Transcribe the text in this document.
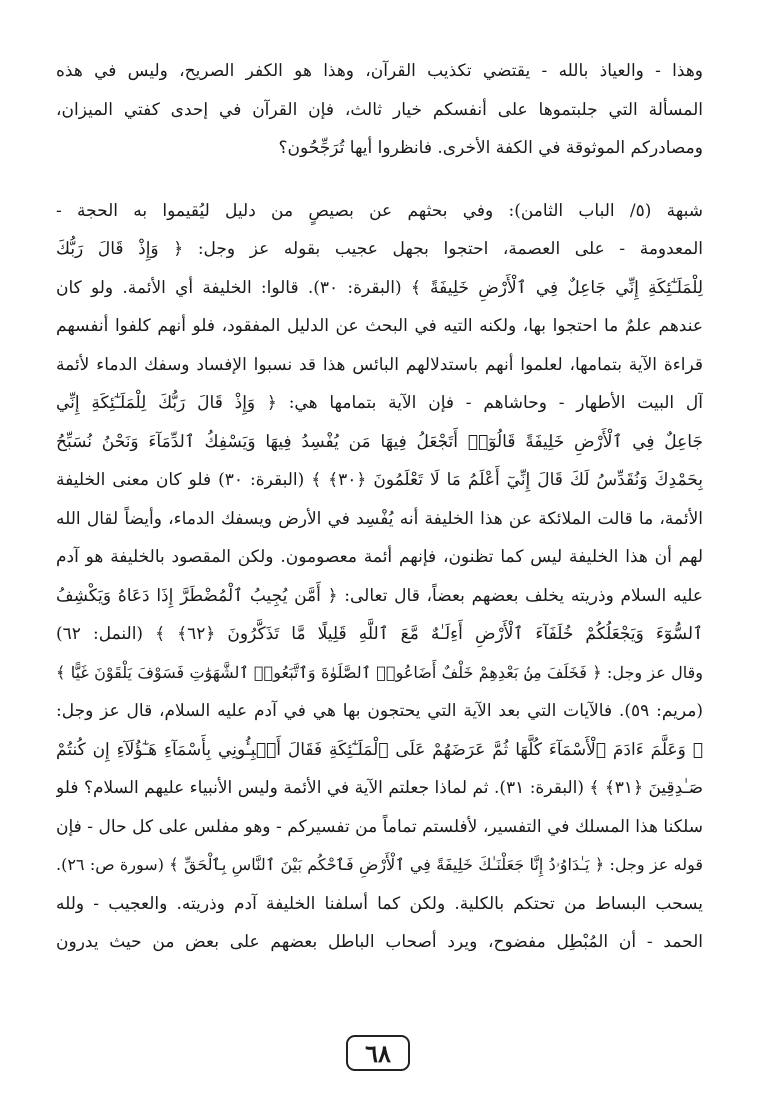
وهذا - والعياذ بالله - يقتضي تكذيب القرآن، وهذا هو الكفر الصريح، وليس في هذه
المسألة التي جلبتموها على أنفسكم خيار ثالث، فإن القرآن في إحدى كفتي الميزان،
ومصادركم الموثوقة في الكفة الأخرى. فانظروا أيها تُرَجِّحُون؟
شبهة (٥/ الباب الثامن): وفي بحثهم عن بصيصٍ من دليل ليُقيموا به الحجة -
المعدومة - على العصمة، احتجوا بجهل عجيب بقوله عز وجل: ﴿ وَإِذْ قَالَ رَبُّكَ
لِلْمَلَـٰٓئِكَةِ إِنِّي جَاعِلٌ فِي ٱلْأَرْضِ خَلِيفَةً ﴾ (البقرة: ٣٠). قالوا: الخليفة أي الأئمة. ولو كان
عندهم علمٌ ما احتجوا بها، ولكنه التيه في البحث عن الدليل المفقود، فلو أنهم كلفوا أنفسهم
قراءة الآية بتمامها، لعلموا أنهم باستدلالهم البائس هذا قد نسبوا الإفساد وسفك الدماء لأئمة
آل البيت الأطهار - وحاشاهم - فإن الآية بتمامها هي: ﴿ وَإِذْ قَالَ رَبُّكَ لِلْمَلَـٰٓئِكَةِ إِنِّي
جَاعِلٌ فِي ٱلْأَرْضِ خَلِيفَةً قَالُوٓا۟ أَتَجْعَلُ فِيهَا مَن يُفْسِدُ فِيهَا وَيَسْفِكُ ٱلدِّمَآءَ وَنَحْنُ نُسَبِّحُ
بِحَمْدِكَ وَنُقَدِّسُ لَكَ قَالَ إِنِّيٓ أَعْلَمُ مَا لَا تَعْلَمُونَ ﴿٣٠﴾ ﴾ (البقرة: ٣٠) فلو كان معنى الخليفة
الأئمة، ما قالت الملائكة عن هذا الخليفة أنه يُفْسِد في الأرض ويسفك الدماء، وأيضاً لقال الله
لهم أن هذا الخليفة ليس كما تظنون، فإنهم أئمة معصومون. ولكن المقصود بالخليفة هو آدم
عليه السلام وذريته يخلف بعضهم بعضاً، قال تعالى: ﴿ أَمَّن يُجِيبُ ٱلْمُضْطَرَّ إِذَا دَعَاهُ وَيَكْشِفُ
ٱلسُّوٓءَ وَيَجْعَلُكُمْ خُلَفَآءَ ٱلْأَرْضِ أَءِلَـٰهٌ مَّعَ ٱللَّهِ قَلِيلًا مَّا تَذَكَّرُونَ ﴿٦٢﴾ ﴾ (النمل: ٦٢)
وقال عز وجل: ﴿ فَخَلَفَ مِنۢ بَعْدِهِمْ خَلْفٌ أَضَاعُوا۟ ٱلصَّلَوٰةَ وَٱتَّبَعُوا۟ ٱلشَّهَوَٰتِ فَسَوْفَ يَلْقَوْنَ غَيًّا ﴾
(مريم: ٥٩). فالآيات التي بعد الآية التي يحتجون بها هي في آدم عليه السلام، قال عز وجل:
﴿ وَعَلَّمَ ءَادَمَ ٱلْأَسْمَآءَ كُلَّهَا ثُمَّ عَرَضَهُمْ عَلَى ٱلْمَلَـٰٓئِكَةِ فَقَالَ أَنۢبِـُٔونِي بِأَسْمَآءِ هَـٰٓؤُلَآءِ إِن كُنتُمْ
صَـٰدِقِينَ ﴿٣١﴾ ﴾ (البقرة: ٣١). ثم لماذا جعلتم الآية في الأئمة وليس الأنبياء عليهم السلام؟ فلو
سلكنا هذا المسلك في التفسير، لأفلستم تماماً من تفسيركم - وهو مفلس على كل حال - فإن
قوله عز وجل: ﴿ يَـٰدَاوُۥدُ إِنَّا جَعَلْنَـٰكَ خَلِيفَةً فِي ٱلْأَرْضِ فَٱحْكُم بَيْنَ ٱلنَّاسِ بِٱلْحَقِّ ﴾ (سورة ص: ٢٦).
يسحب البساط من تحتكم بالكلية. ولكن كما أسلفنا الخليفة آدم وذريته. والعجيب - ولله
الحمد - أن المُبْطِل مفضوح، ويرد أصحاب الباطل بعضهم على بعض من حيث يدرون
٦٨
